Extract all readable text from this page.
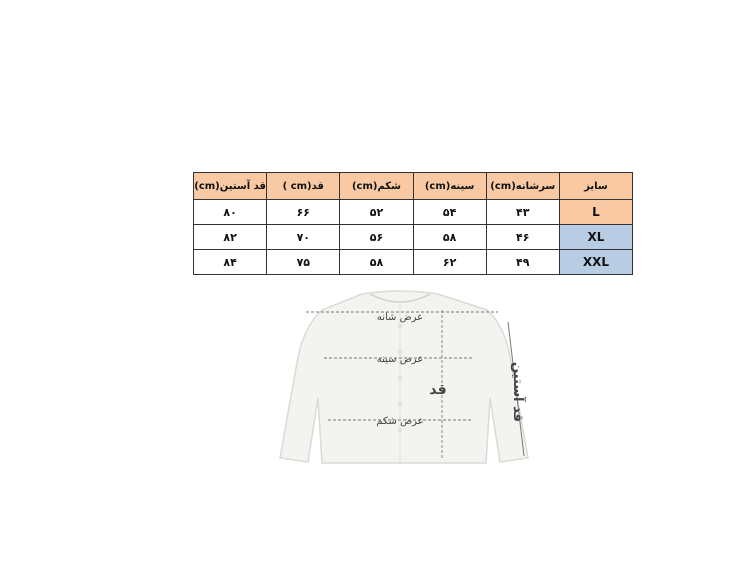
سایز	سرشانه(cm)	سینه(cm)	شکم(cm)	قد(cm )	قد آستین(cm)
L	۴۳	۵۴	۵۲	۶۶	۸۰
XL	۴۶	۵۸	۵۶	۷۰	۸۲
XXL	۴۹	۶۲	۵۸	۷۵	۸۴
عرض شانه
عرض سینه
عرض شکم
قد	قد آستین
